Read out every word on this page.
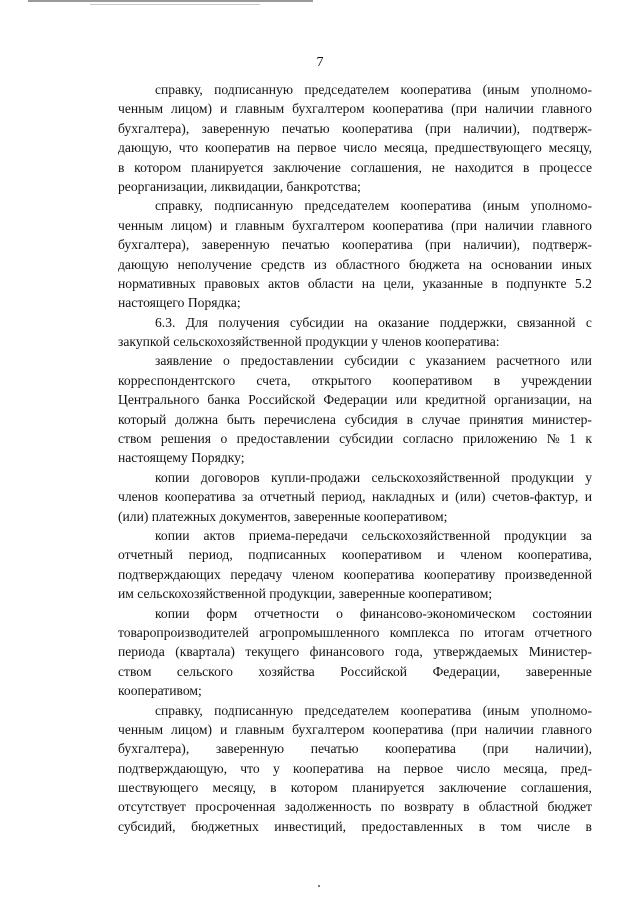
7
справку, подписанную председателем кооператива (иным уполномо-
ченным лицом) и главным бухгалтером кооператива (при наличии главного
бухгалтера), заверенную печатью кооператива (при наличии), подтверж-
дающую, что кооператив на первое число месяца, предшествующего месяцу,
в котором планируется заключение соглашения, не находится в процессе
реорганизации, ликвидации, банкротства;
справку, подписанную председателем кооператива (иным уполномо-
ченным лицом) и главным бухгалтером кооператива (при наличии главного
бухгалтера), заверенную печатью кооператива (при наличии), подтверж-
дающую неполучение средств из областного бюджета на основании иных
нормативных правовых актов области на цели, указанные в подпункте 5.2
настоящего Порядка;
6.3. Для получения субсидии на оказание поддержки, связанной с
закупкой сельскохозяйственной продукции у членов кооператива:
заявление о предоставлении субсидии с указанием расчетного или
корреспондентского счета, открытого кооперативом в учреждении
Центрального банка Российской Федерации или кредитной организации, на
который должна быть перечислена субсидия в случае принятия министер-
ством решения о предоставлении субсидии согласно приложению № 1 к
настоящему Порядку;
копии договоров купли-продажи сельскохозяйственной продукции у
членов кооператива за отчетный период, накладных и (или) счетов-фактур, и
(или) платежных документов, заверенные кооперативом;
копии актов приема-передачи сельскохозяйственной продукции за
отчетный период, подписанных кооперативом и членом кооператива,
подтверждающих передачу членом кооператива кооперативу произведенной
им сельскохозяйственной продукции, заверенные кооперативом;
копии форм отчетности о финансово-экономическом состоянии
товаропроизводителей агропромышленного комплекса по итогам отчетного
периода (квартала) текущего финансового года, утверждаемых Министер-
ством сельского хозяйства Российской Федерации, заверенные
кооперативом;
справку, подписанную председателем кооператива (иным уполномо-
ченным лицом) и главным бухгалтером кооператива (при наличии главного
бухгалтера), заверенную печатью кооператива (при наличии),
подтверждающую, что у кооператива на первое число месяца, пред-
шествующего месяцу, в котором планируется заключение соглашения,
отсутствует просроченная задолженность по возврату в областной бюджет
субсидий, бюджетных инвестиций, предоставленных в том числе в
